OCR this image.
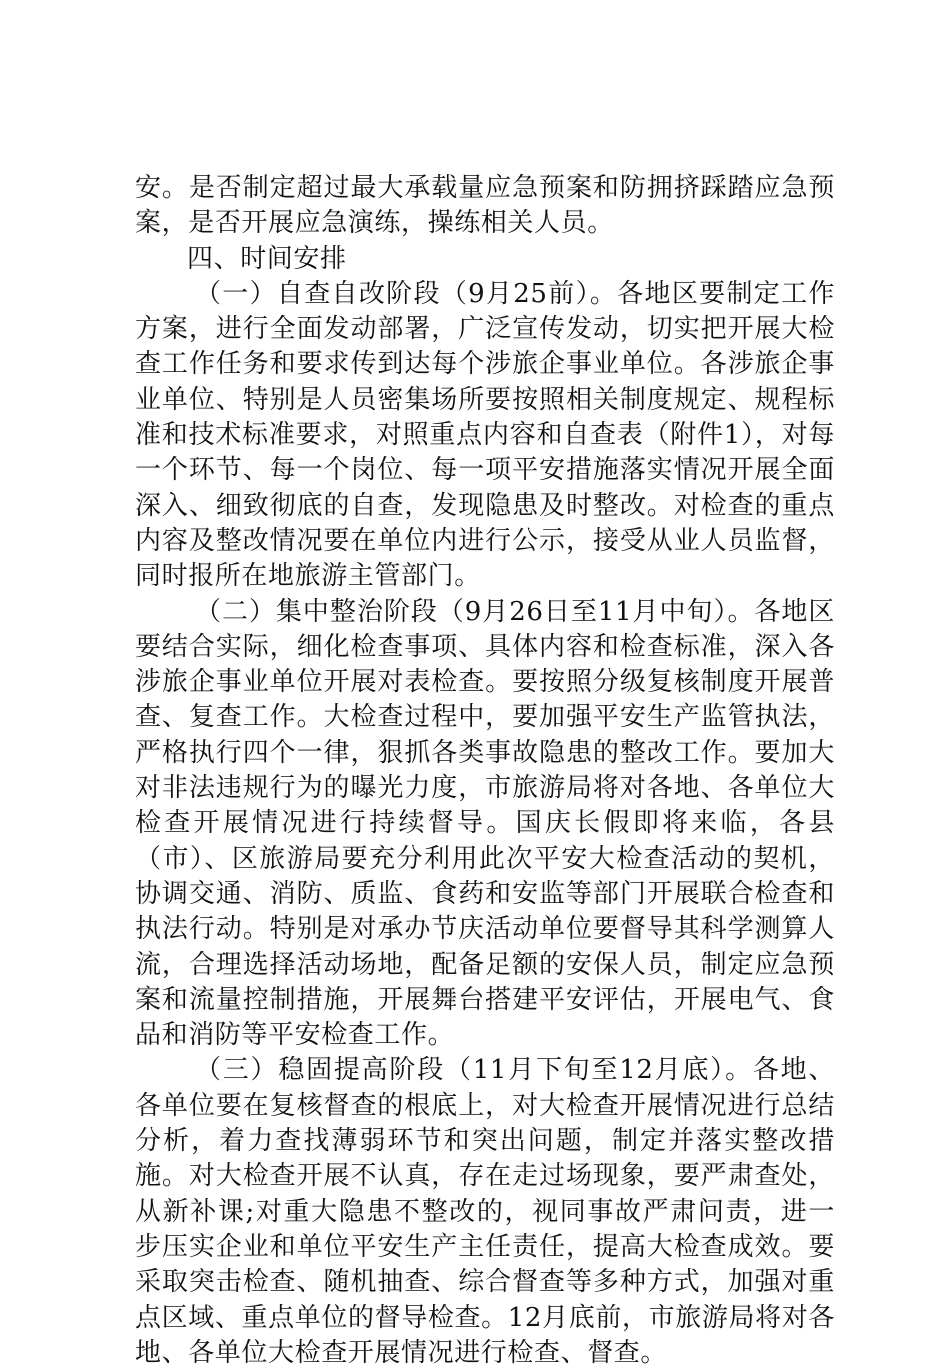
安。是否制定超过最大承载量应急预案和防拥挤踩踏应急预案，是否开展应急演练，操练相关人员。

四、时间安排

（一）自查自改阶段（9月25前）。各地区要制定工作方案，进行全面发动部署，广泛宣传发动，切实把开展大检查工作任务和要求传到达每个涉旅企事业单位。各涉旅企事业单位、特别是人员密集场所要按照相关制度规定、规程标准和技术标准要求，对照重点内容和自查表（附件1），对每一个环节、每一个岗位、每一项平安措施落实情况开展全面深入、细致彻底的自查，发现隐患及时整改。对检查的重点内容及整改情况要在单位内进行公示，接受从业人员监督，同时报所在地旅游主管部门。

（二）集中整治阶段（9月26日至11月中旬）。各地区要结合实际，细化检查事项、具体内容和检查标准，深入各涉旅企事业单位开展对表检查。要按照分级复核制度开展普查、复查工作。大检查过程中，要加强平安生产监管执法，严格执行四个一律，狠抓各类事故隐患的整改工作。要加大对非法违规行为的曝光力度，市旅游局将对各地、各单位大检查开展情况进行持续督导。国庆长假即将来临，各县（市）、区旅游局要充分利用此次平安大检查活动的契机，协调交通、消防、质监、食药和安监等部门开展联合检查和执法行动。特别是对承办节庆活动单位要督导其科学测算人流，合理选择活动场地，配备足额的安保人员，制定应急预案和流量控制措施，开展舞台搭建平安评估，开展电气、食品和消防等平安检查工作。

（三）稳固提高阶段（11月下旬至12月底）。各地、各单位要在复核督查的根底上，对大检查开展情况进行总结分析，着力查找薄弱环节和突出问题，制定并落实整改措施。对大检查开展不认真，存在走过场现象，要严肃查处，从新补课;对重大隐患不整改的，视同事故严肃问责，进一步压实企业和单位平安生产主任责任，提高大检查成效。要采取突击检查、随机抽查、综合督查等多种方式，加强对重点区域、重点单位的督导检查。12月底前，市旅游局将对各地、各单位大检查开展情况进行检查、督查。
